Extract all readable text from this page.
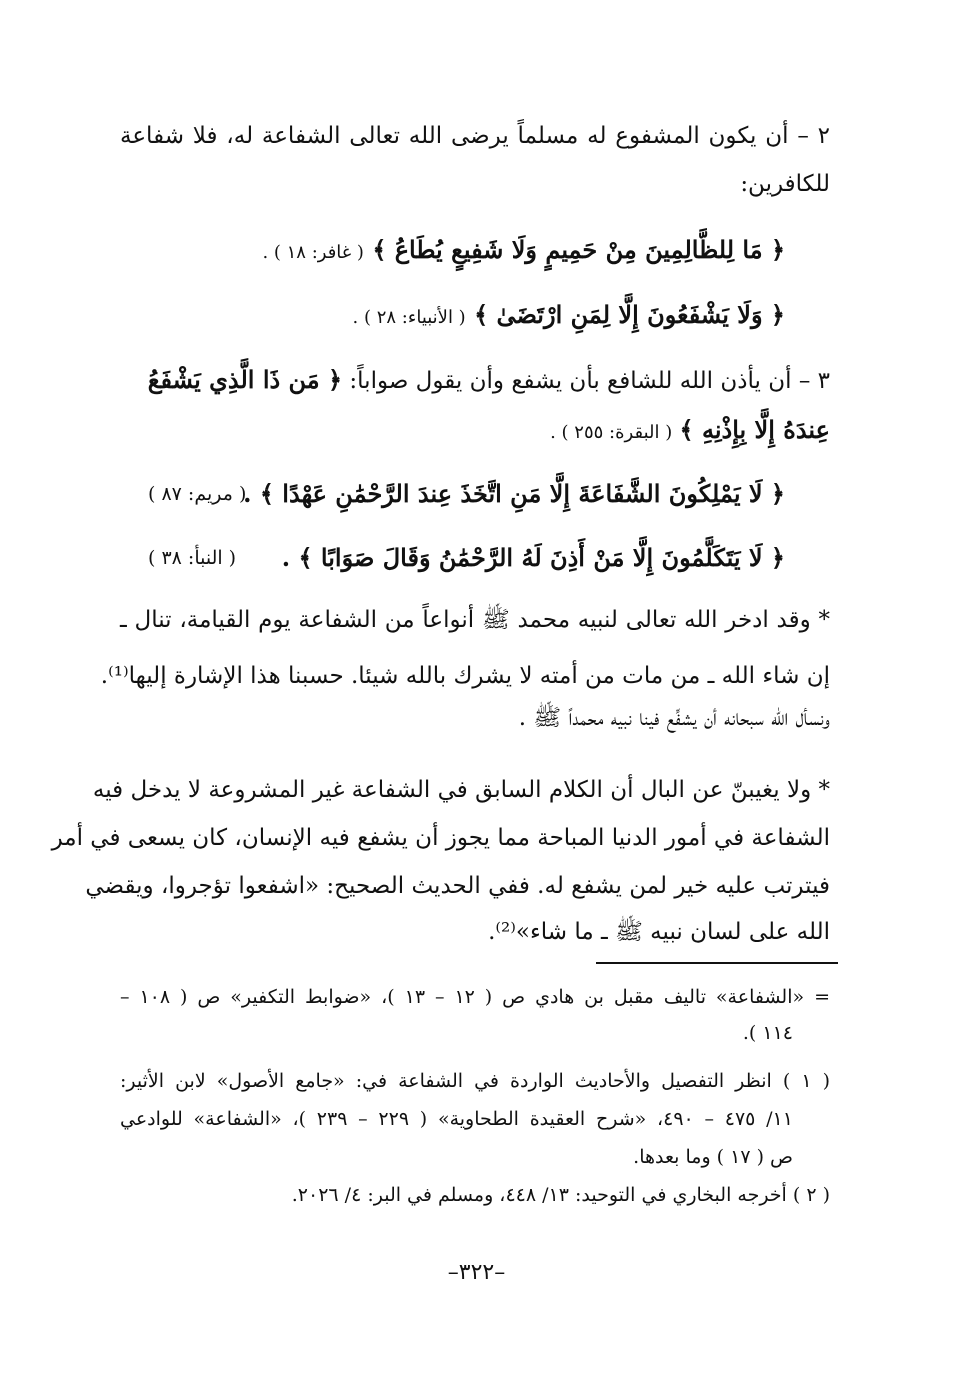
٢ – أن يكون المشفوع له مسلماً يرضى الله تعالى الشفاعة له، فلا شفاعة
للكافرين:
﴿ مَا لِلظَّالِمِينَ مِنْ حَمِيمٍ وَلَا شَفِيعٍ يُطَاعُ ﴾ ( غافر: ١٨ ) .
﴿ وَلَا يَشْفَعُونَ إِلَّا لِمَنِ ارْتَضَىٰ ﴾ ( الأنبياء: ٢٨ ) .
٣ – أن يأذن الله للشافع بأن يشفع وأن يقول صواباً: ﴿ مَن ذَا الَّذِي يَشْفَعُ
عِندَهُ إِلَّا بِإِذْنِهِ ﴾ ( البقرة: ٢٥٥ ) .
﴿ لَا يَمْلِكُونَ الشَّفَاعَةَ إِلَّا مَنِ اتَّخَذَ عِندَ الرَّحْمَٰنِ عَهْدًا ﴾ .
( مريم: ٨٧ )
﴿ لَا يَتَكَلَّمُونَ إِلَّا مَنْ أَذِنَ لَهُ الرَّحْمَٰنُ وَقَالَ صَوَابًا ﴾ .
( النبأ: ٣٨ )
* وقد ادخر الله تعالى لنبيه محمد ﷺ أنواعاً من الشفاعة يوم القيامة، تنال ـ
إن شاء الله ـ من مات من أمته لا يشرك بالله شيئا. حسبنا هذا الإشارة إليها⁽¹⁾.
ونسأل الله سبحانه أن يشفِّع فينا نبيه محمداً ﷺ .
* ولا يغيبنّ عن البال أن الكلام السابق في الشفاعة غير المشروعة لا يدخل فيه
الشفاعة في أمور الدنيا المباحة مما يجوز أن يشفع فيه الإنسان، كان يسعى في أمر
فيترتب عليه خير لمن يشفع له. ففي الحديث الصحيح: «اشفعوا تؤجروا، ويقضي
الله على لسان نبيه ﷺ ـ ما شاء»⁽²⁾.
= «الشفاعة» تاليف مقبل بن هادي ص ( ١٢ – ١٣ )، «ضوابط التكفير» ص ( ١٠٨ –
١١٤ ).
( ١ ) انظر التفصيل والأحاديث الواردة في الشفاعة في: «جامع الأصول» لابن الأثير:
١١/ ٤٧٥ – ٤٩٠، «شرح العقيدة الطحاوية» ( ٢٢٩ – ٢٣٩ )، «الشفاعة» للوادعي
ص ( ١٧ ) وما بعدها.
( ٢ ) أخرجه البخاري في التوحيد: ١٣/ ٤٤٨، ومسلم في البر: ٤/ ٢٠٢٦.
–٣٢٢–
